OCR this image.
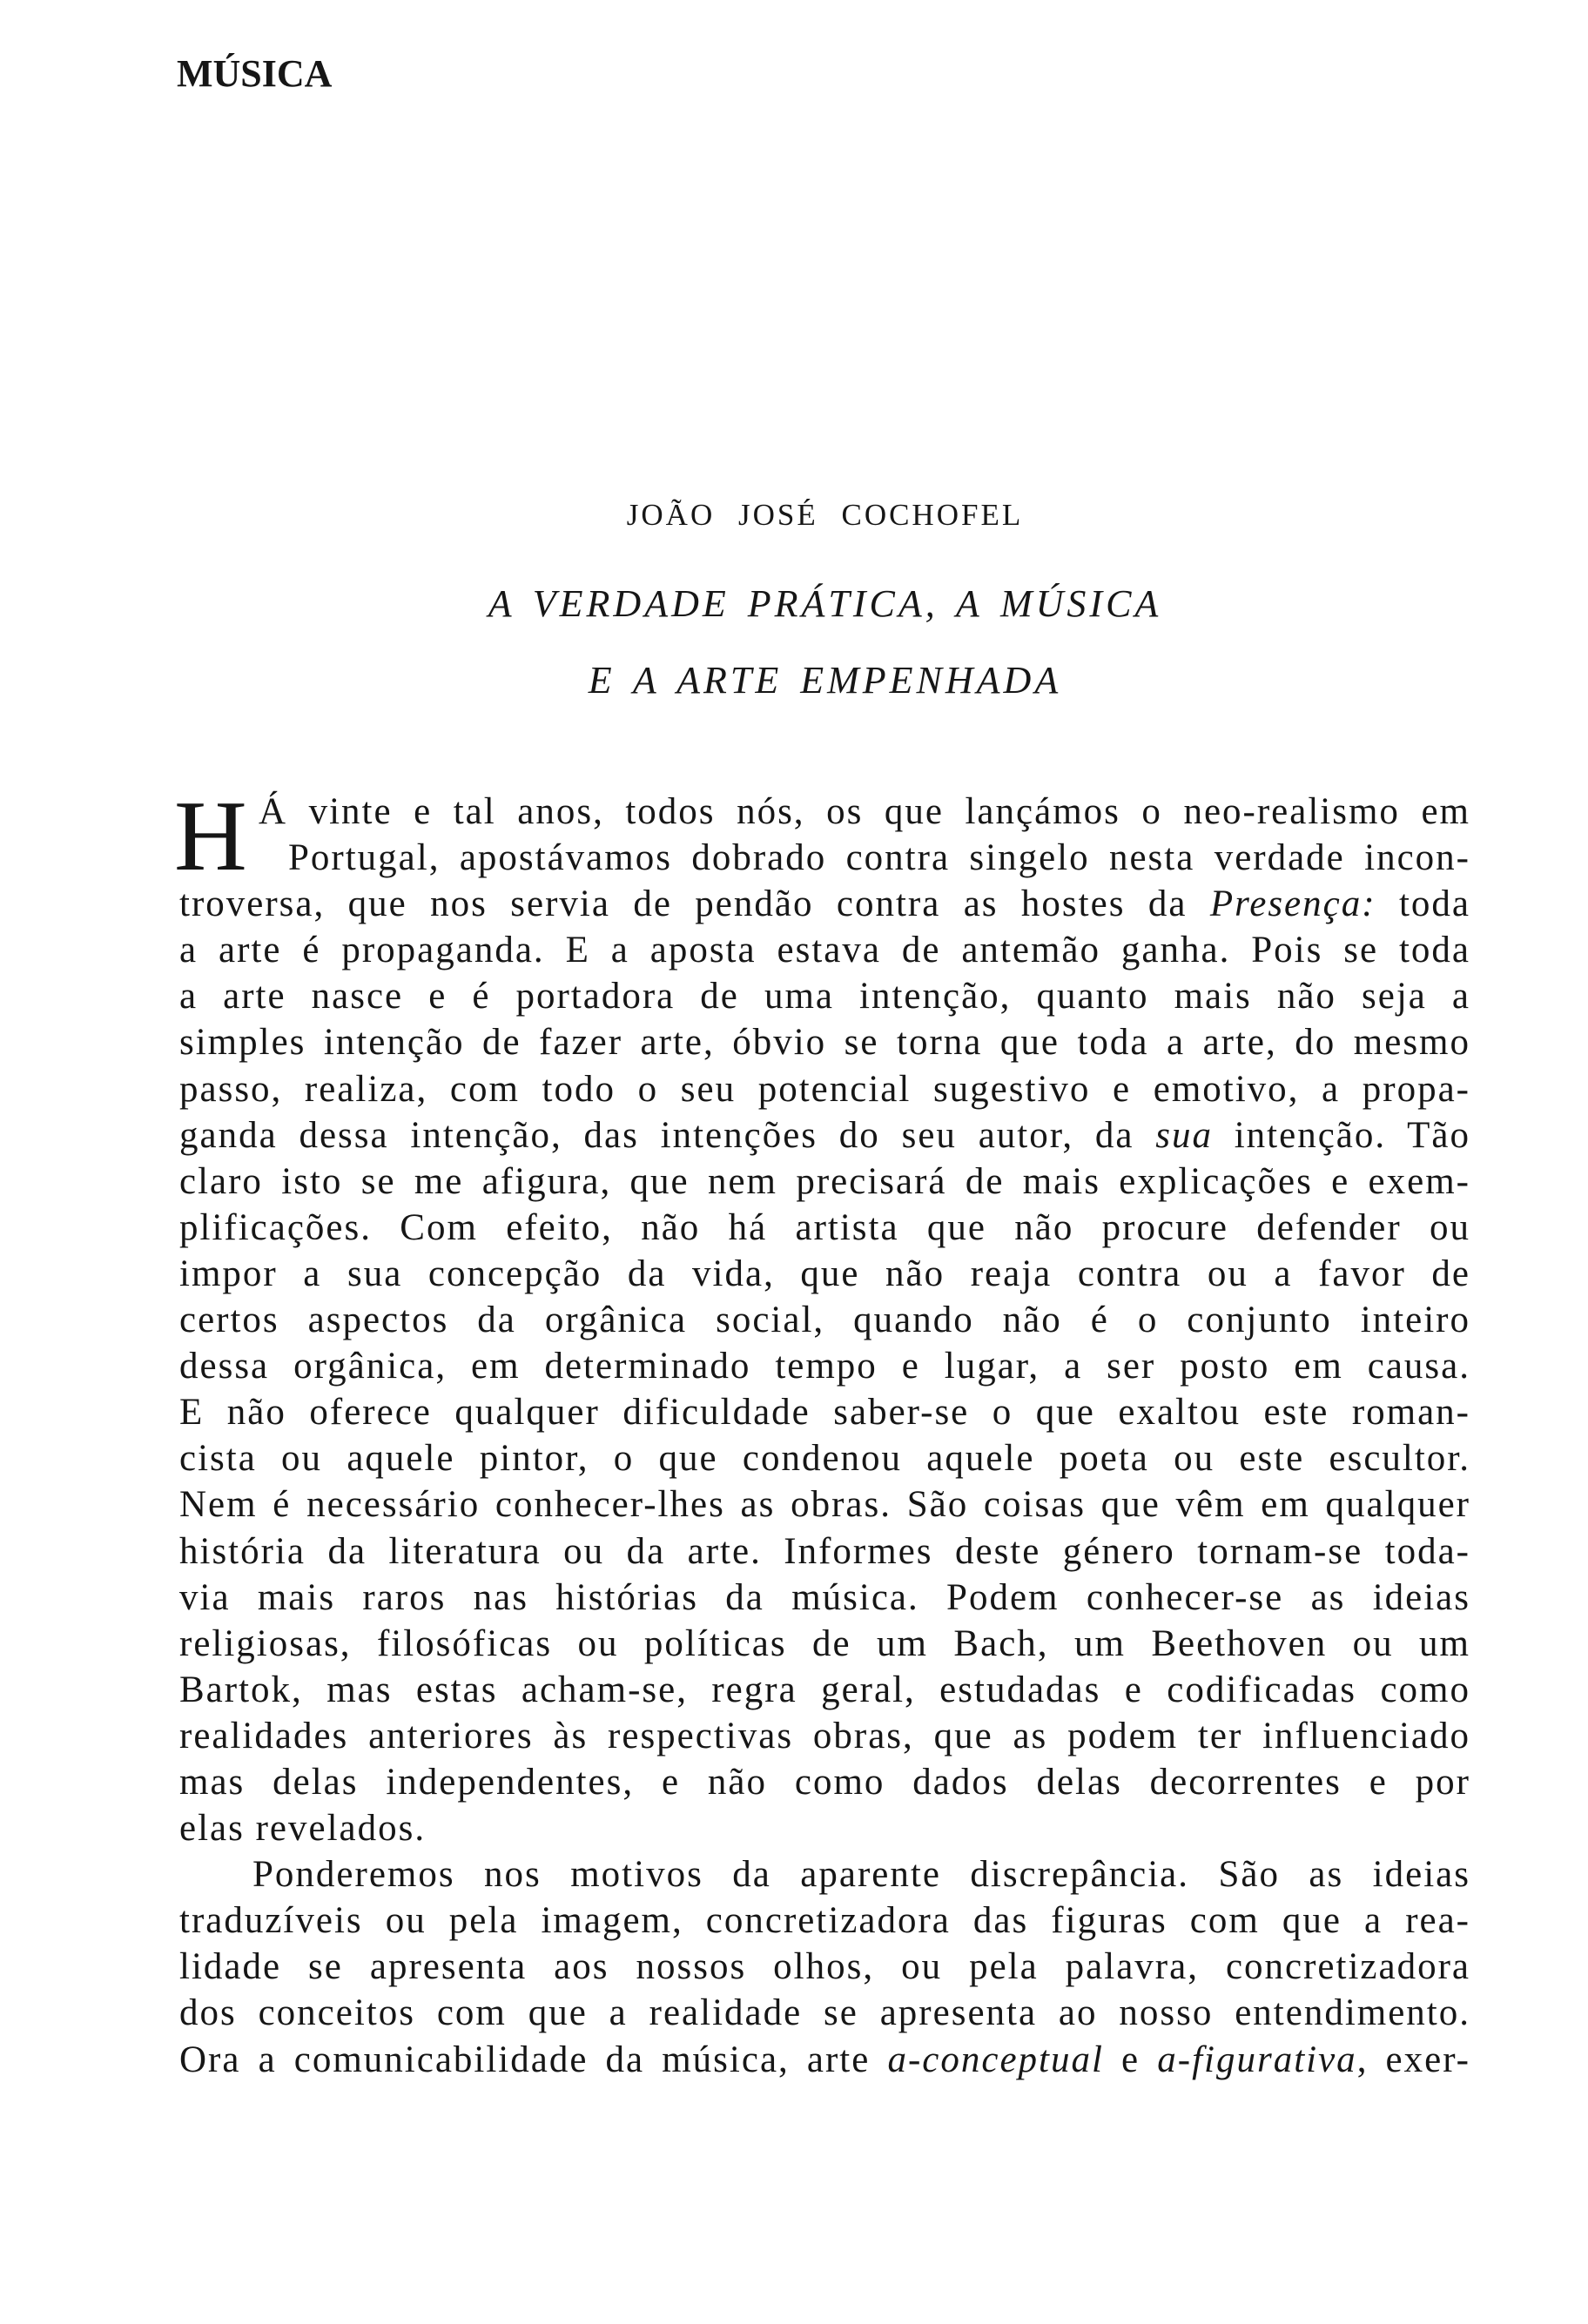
MÚSICA
JOÃO JOSÉ COCHOFEL
A VERDADE PRÁTICA, A MÚSICA
E A ARTE EMPENHADA
H Á vinte e tal anos, todos nós, os que lançámos o neo-realismo em
Portugal, apostávamos dobrado contra singelo nesta verdade incon-
troversa, que nos servia de pendão contra as hostes da Presença: toda
a arte é propaganda. E a aposta estava de antemão ganha. Pois se toda
a arte nasce e é portadora de uma intenção, quanto mais não seja a
simples intenção de fazer arte, óbvio se torna que toda a arte, do mesmo
passo, realiza, com todo o seu potencial sugestivo e emotivo, a propa-
ganda dessa intenção, das intenções do seu autor, da sua intenção. Tão
claro isto se me afigura, que nem precisará de mais explicações e exem-
plificações. Com efeito, não há artista que não procure defender ou
impor a sua concepção da vida, que não reaja contra ou a favor de
certos aspectos da orgânica social, quando não é o conjunto inteiro
dessa orgânica, em determinado tempo e lugar, a ser posto em causa.
E não oferece qualquer dificuldade saber-se o que exaltou este roman-
cista ou aquele pintor, o que condenou aquele poeta ou este escultor.
Nem é necessário conhecer-lhes as obras. São coisas que vêm em qualquer
história da literatura ou da arte. Informes deste género tornam-se toda-
via mais raros nas histórias da música. Podem conhecer-se as ideias
religiosas, filosóficas ou políticas de um Bach, um Beethoven ou um
Bartok, mas estas acham-se, regra geral, estudadas e codificadas como
realidades anteriores às respectivas obras, que as podem ter influenciado
mas delas independentes, e não como dados delas decorrentes e por
elas revelados.
Ponderemos nos motivos da aparente discrepância. São as ideias
traduzíveis ou pela imagem, concretizadora das figuras com que a rea-
lidade se apresenta aos nossos olhos, ou pela palavra, concretizadora
dos conceitos com que a realidade se apresenta ao nosso entendimento.
Ora a comunicabilidade da música, arte a-conceptual e a-figurativa, exer-
